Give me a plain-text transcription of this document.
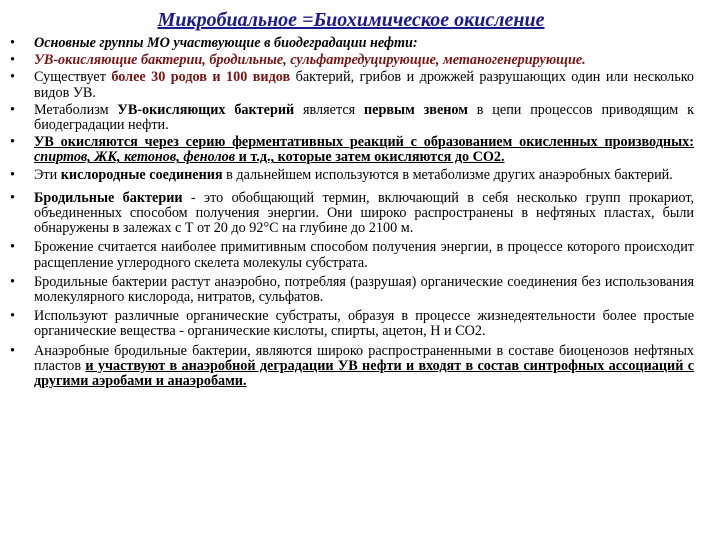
Микробиальное =Биохимическое окисление
• Основные группы МО участвующие в биодеградации нефти:
• УВ-окисляющие бактерии, бродильные, сульфатредуцирующие, метаногенерирующие.
• Существует более 30 родов и 100 видов бактерий, грибов и дрожжей разрушающих один или несколько видов УВ.
• Метаболизм УВ-окисляющих бактерий является первым звеном в цепи процессов приводящим к биодеградации нефти.
• УВ окисляются через серию ферментативных реакций с образованием окисленных производных: спиртов, ЖК, кетонов, фенолов и т.д., которые затем окисляются до СО2.
• Эти кислородные соединения в дальнейшем используются в метаболизме других анаэробных бактерий.
• Бродильные бактерии - это обобщающий термин, включающий в себя несколько групп прокариот, объединенных способом получения энергии. Они широко распространены в нефтяных пластах, были обнаружены в залежах с Т от 20 до 92°С на глубине до 2100 м.
• Брожение считается наиболее примитивным способом получения энергии, в процессе которого происходит расщепление углеродного скелета молекулы субстрата.
• Бродильные бактерии растут анаэробно, потребляя (разрушая) органические соединения без использования молекулярного кислорода, нитратов, сульфатов.
• Используют различные органические субстраты, образуя в процессе жизнедеятельности более простые органические вещества - органические кислоты, спирты, ацетон, Н и СО2.
• Анаэробные бродильные бактерии, являются широко распространенными в составе биоценозов нефтяных пластов и участвуют в анаэробной деградации УВ нефти и входят в состав синтрофных ассоциаций с другими аэробами и анаэробами.
